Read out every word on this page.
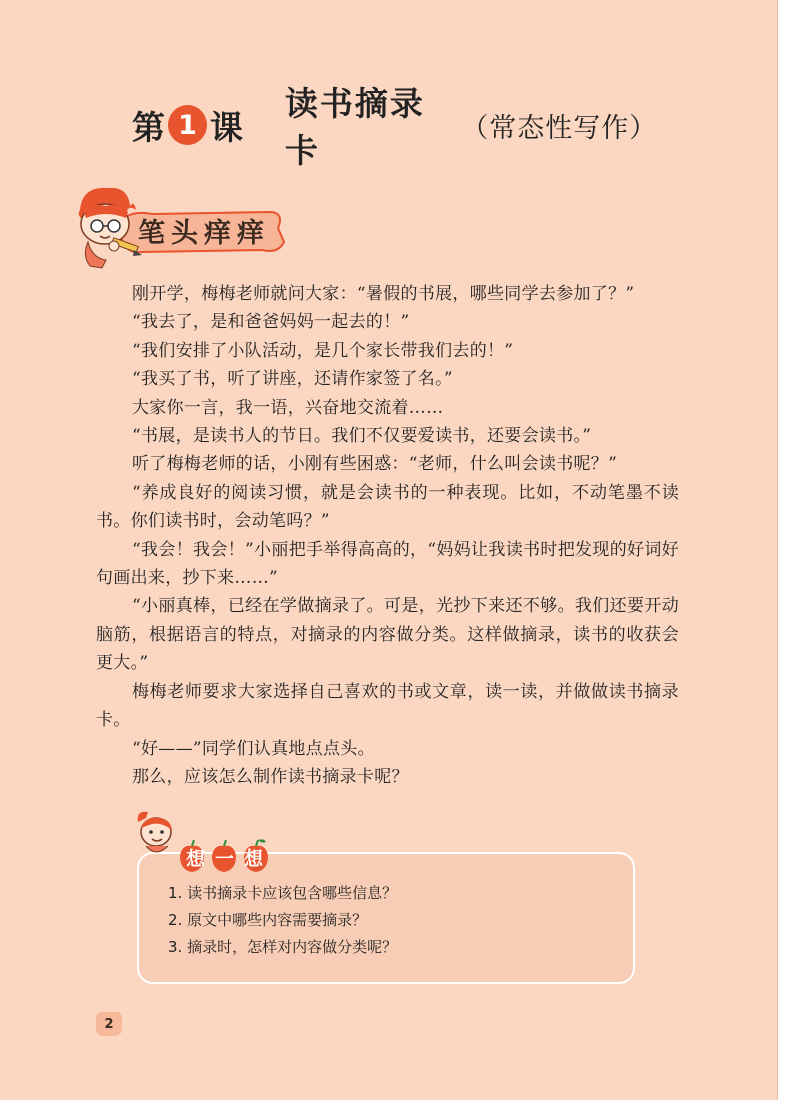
第 1 课
读书摘录卡
（常态性写作）
笔头痒痒

刚开学，梅梅老师就问大家：“暑假的书展，哪些同学去参加了？”

“我去了，是和爸爸妈妈一起去的！”

“我们安排了小队活动，是几个家长带我们去的！”

“我买了书，听了讲座，还请作家签了名。”

大家你一言，我一语，兴奋地交流着……

“书展，是读书人的节日。我们不仅要爱读书，还要会读书。”

听了梅梅老师的话，小刚有些困惑：“老师，什么叫会读书呢？”

“养成良好的阅读习惯，就是会读书的一种表现。比如，不动笔墨不读书。你们读书时，会动笔吗？”

“我会！我会！”小丽把手举得高高的，“妈妈让我读书时把发现的好词好句画出来，抄下来……”

“小丽真棒，已经在学做摘录了。可是，光抄下来还不够。我们还要开动脑筋，根据语言的特点，对摘录的内容做分类。这样做摘录，读书的收获会更大。”

梅梅老师要求大家选择自己喜欢的书或文章，读一读，并做做读书摘录卡。

“好——”同学们认真地点点头。

那么，应该怎么制作读书摘录卡呢？

想一想
1. 读书摘录卡应该包含哪些信息？
2. 原文中哪些内容需要摘录？
3. 摘录时，怎样对内容做分类呢？
2
